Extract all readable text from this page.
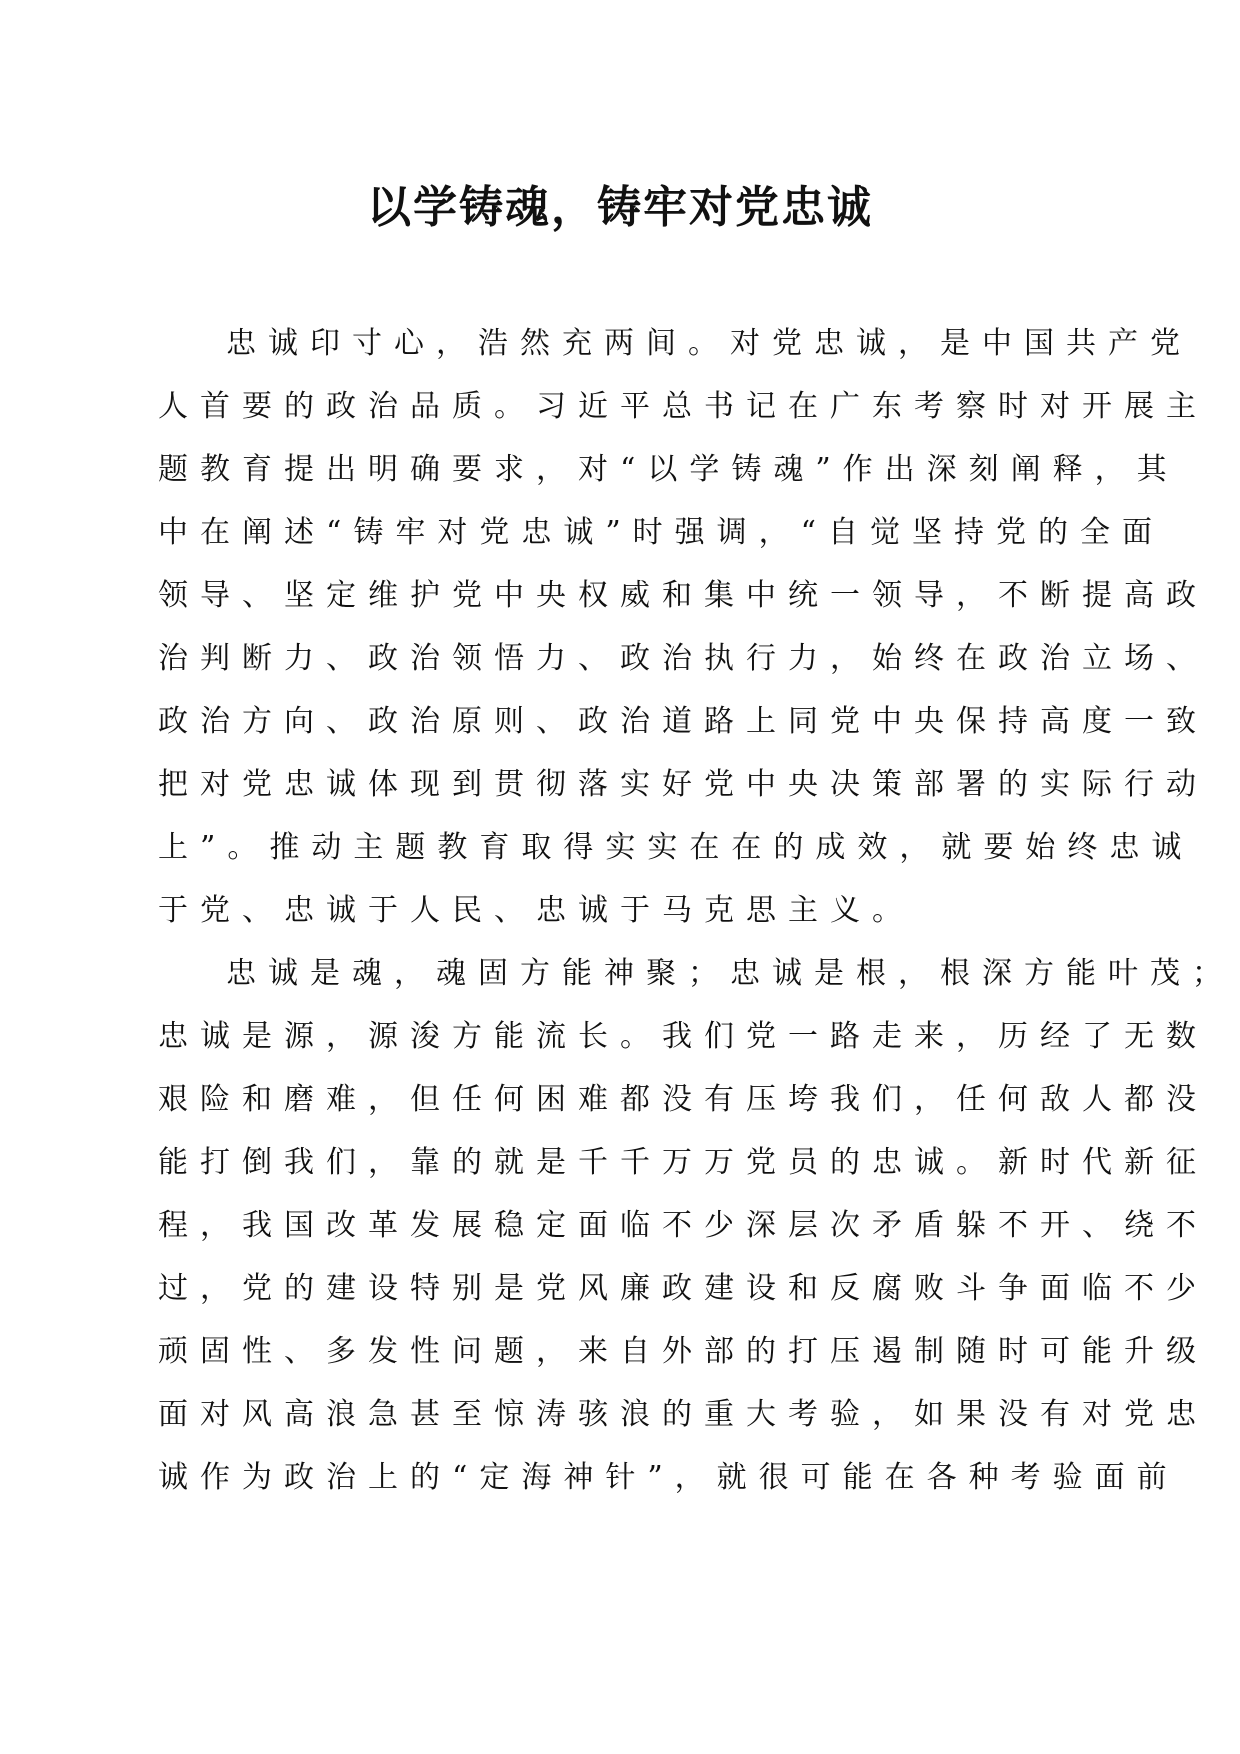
以学铸魂，铸牢对党忠诚
忠诚印寸心，浩然充两间。对党忠诚，是中国共产党
人首要的政治品质。习近平总书记在广东考察时对开展主
题教育提出明确要求，对“以学铸魂”作出深刻阐释，其
中在阐述“铸牢对党忠诚”时强调，“自觉坚持党的全面
领导、坚定维护党中央权威和集中统一领导，不断提高政
治判断力、政治领悟力、政治执行力，始终在政治立场、
政治方向、政治原则、政治道路上同党中央保持高度一致
把对党忠诚体现到贯彻落实好党中央决策部署的实际行动
上”。推动主题教育取得实实在在的成效，就要始终忠诚
于党、忠诚于人民、忠诚于马克思主义。
忠诚是魂，魂固方能神聚；忠诚是根，根深方能叶茂；
忠诚是源，源浚方能流长。我们党一路走来，历经了无数
艰险和磨难，但任何困难都没有压垮我们，任何敌人都没
能打倒我们，靠的就是千千万万党员的忠诚。新时代新征
程，我国改革发展稳定面临不少深层次矛盾躲不开、绕不
过，党的建设特别是党风廉政建设和反腐败斗争面临不少
顽固性、多发性问题，来自外部的打压遏制随时可能升级
面对风高浪急甚至惊涛骇浪的重大考验，如果没有对党忠
诚作为政治上的“定海神针”，就很可能在各种考验面前
